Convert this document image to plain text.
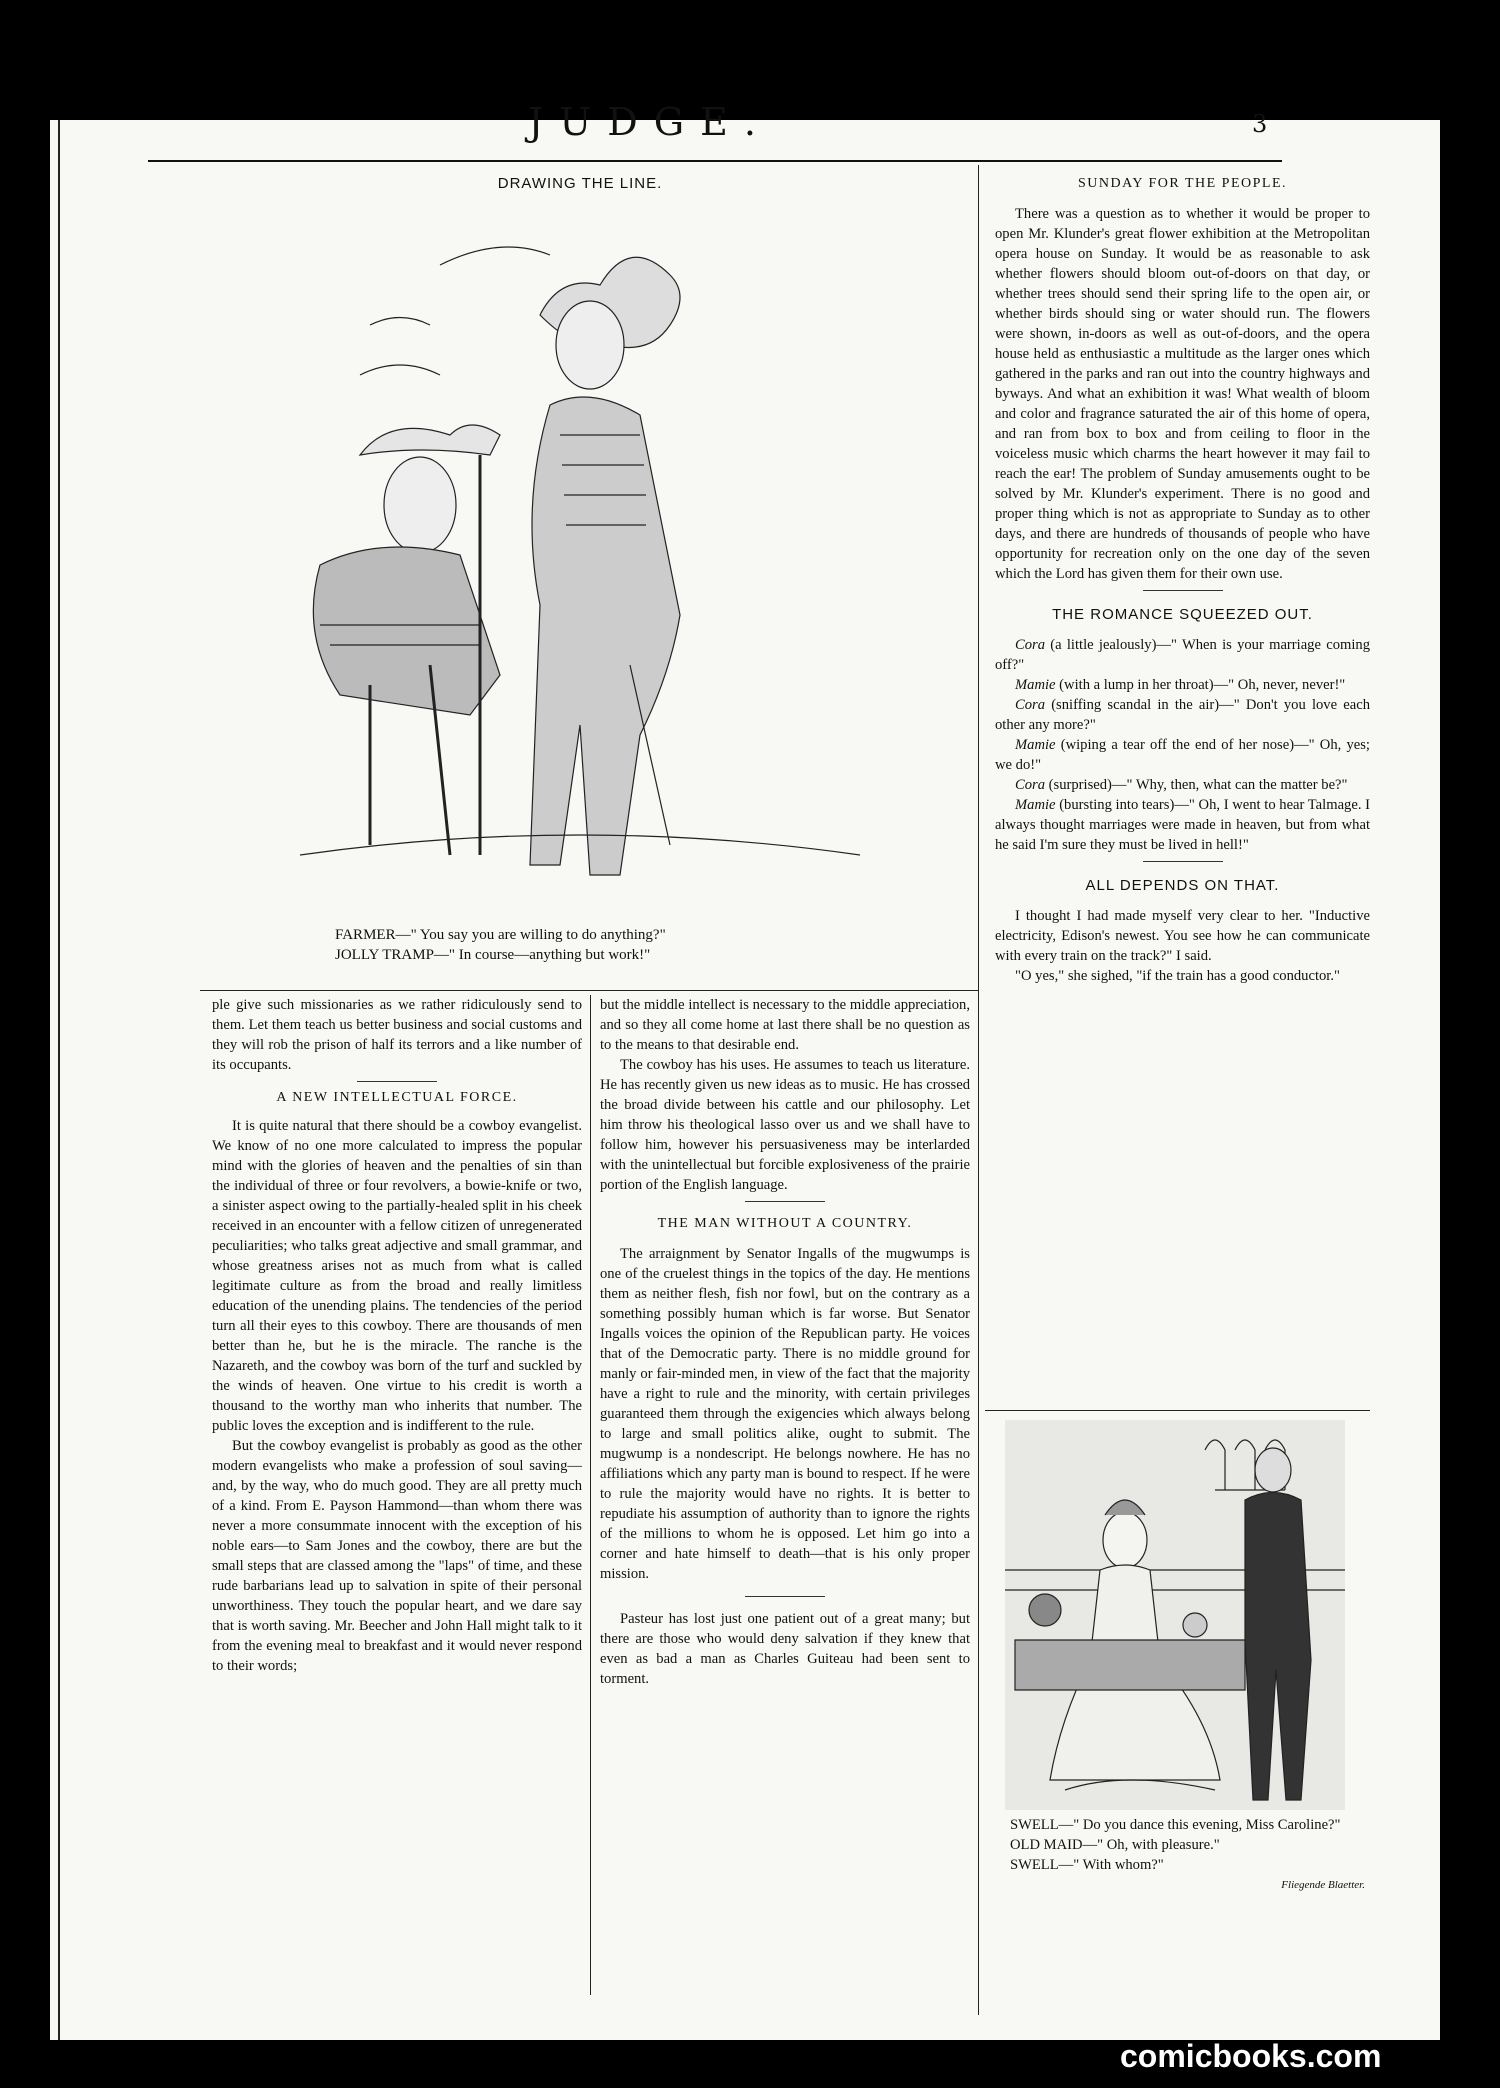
JUDGE.	3
DRAWING THE LINE.
FARMER—" You say you are willing to do anything?"
JOLLY TRAMP—" In course—anything but work!"
SUNDAY FOR THE PEOPLE.

There was a question as to whether it would be proper to open Mr. Klunder's great flower exhibition at the Metropolitan opera house on Sunday. It would be as reasonable to ask whether flowers should bloom out-of-doors on that day, or whether trees should send their spring life to the open air, or whether birds should sing or water should run. The flowers were shown, in-doors as well as out-of-doors, and the opera house held as enthusiastic a multitude as the larger ones which gathered in the parks and ran out into the country highways and byways. And what an exhibition it was! What wealth of bloom and color and fragrance saturated the air of this home of opera, and ran from box to box and from ceiling to floor in the voiceless music which charms the heart however it may fail to reach the ear! The problem of Sunday amusements ought to be solved by Mr. Klunder's experiment. There is no good and proper thing which is not as appropriate to Sunday as to other days, and there are hundreds of thousands of people who have opportunity for recreation only on the one day of the seven which the Lord has given them for their own use.

THE ROMANCE SQUEEZED OUT.

Cora (a little jealously)—" When is your marriage coming off?"

Mamie (with a lump in her throat)—" Oh, never, never!"

Cora (sniffing scandal in the air)—" Don't you love each other any more?"

Mamie (wiping a tear off the end of her nose)—" Oh, yes; we do!"

Cora (surprised)—" Why, then, what can the matter be?"

Mamie (bursting into tears)—" Oh, I went to hear Talmage. I always thought marriages were made in heaven, but from what he said I'm sure they must be lived in hell!"

ALL DEPENDS ON THAT.

I thought I had made myself very clear to her. "Inductive electricity, Edison's newest. You see how he can communicate with every train on the track?" I said.

"O yes," she sighed, "if the train has a good conductor."

SWELL—" Do you dance this evening, Miss Caroline?"
OLD MAID—" Oh, with pleasure."
SWELL—" With whom?"
Fliegende Blaetter.

ple give such missionaries as we rather ridiculously send to them. Let them teach us better business and social customs and they will rob the prison of half its terrors and a like number of its occupants.

A NEW INTELLECTUAL FORCE.

It is quite natural that there should be a cowboy evangelist. We know of no one more calculated to impress the popular mind with the glories of heaven and the penalties of sin than the individual of three or four revolvers, a bowie-knife or two, a sinister aspect owing to the partially-healed split in his cheek received in an encounter with a fellow citizen of unregenerated peculiarities; who talks great adjective and small grammar, and whose greatness arises not as much from what is called legitimate culture as from the broad and really limitless education of the unending plains. The tendencies of the period turn all their eyes to this cowboy. There are thousands of men better than he, but he is the miracle. The ranche is the Nazareth, and the cowboy was born of the turf and suckled by the winds of heaven. One virtue to his credit is worth a thousand to the worthy man who inherits that number. The public loves the exception and is indifferent to the rule.

But the cowboy evangelist is probably as good as the other modern evangelists who make a profession of soul saving—and, by the way, who do much good. They are all pretty much of a kind. From E. Payson Hammond—than whom there was never a more consummate innocent with the exception of his noble ears—to Sam Jones and the cowboy, there are but the small steps that are classed among the "laps" of time, and these rude barbarians lead up to salvation in spite of their personal unworthiness. They touch the popular heart, and we dare say that is worth saving. Mr. Beecher and John Hall might talk to it from the evening meal to breakfast and it would never respond to their words;

but the middle intellect is necessary to the middle appreciation, and so they all come home at last there shall be no question as to the means to that desirable end.

The cowboy has his uses. He assumes to teach us literature. He has recently given us new ideas as to music. He has crossed the broad divide between his cattle and our philosophy. Let him throw his theological lasso over us and we shall have to follow him, however his persuasiveness may be interlarded with the unintellectual but forcible explosiveness of the prairie portion of the English language.

THE MAN WITHOUT A COUNTRY.

The arraignment by Senator Ingalls of the mugwumps is one of the cruelest things in the topics of the day. He mentions them as neither flesh, fish nor fowl, but on the contrary as a something possibly human which is far worse. But Senator Ingalls voices the opinion of the Republican party. He voices that of the Democratic party. There is no middle ground for manly or fair-minded men, in view of the fact that the majority have a right to rule and the minority, with certain privileges guaranteed them through the exigencies which always belong to large and small politics alike, ought to submit. The mugwump is a nondescript. He belongs nowhere. He has no affiliations which any party man is bound to respect. If he were to rule the majority would have no rights. It is better to repudiate his assumption of authority than to ignore the rights of the millions to whom he is opposed. Let him go into a corner and hate himself to death—that is his only proper mission.

Pasteur has lost just one patient out of a great many; but there are those who would deny salvation if they knew that even as bad a man as Charles Guiteau had been sent to torment.

comicbooks.com
